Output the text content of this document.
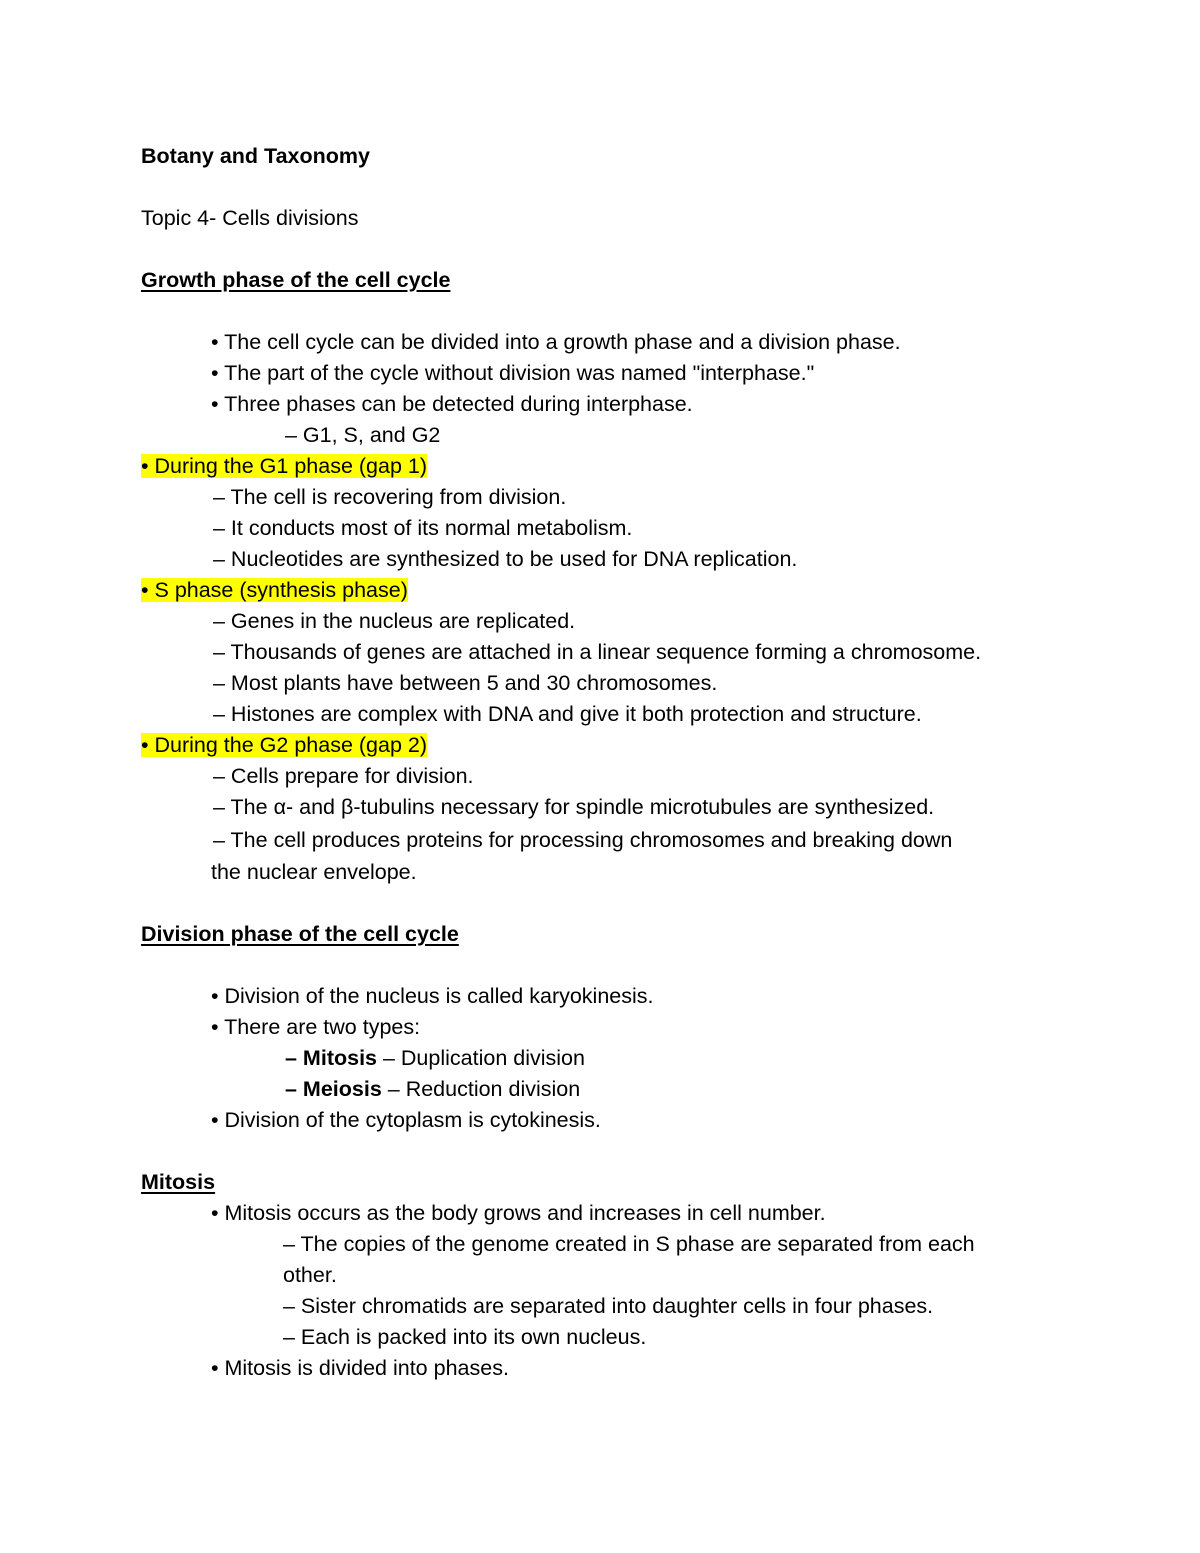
Botany and Taxonomy
Topic 4- Cells divisions
Growth phase of the cell cycle
• The cell cycle can be divided into a growth phase and a division phase.
• The part of the cycle without division was named "interphase."
• Three phases can be detected during interphase.
– G1, S, and G2
• During the G1 phase (gap 1)
– The cell is recovering from division.
– It conducts most of its normal metabolism.
– Nucleotides are synthesized to be used for DNA replication.
• S phase (synthesis phase)
– Genes in the nucleus are replicated.
– Thousands of genes are attached in a linear sequence forming a chromosome.
– Most plants have between 5 and 30 chromosomes.
– Histones are complex with DNA and give it both protection and structure.
• During the G2 phase (gap 2)
– Cells prepare for division.
– The α- and β-tubulins necessary for spindle microtubules are synthesized.
– The cell produces proteins for processing chromosomes and breaking down
the nuclear envelope.
Division phase of the cell cycle
• Division of the nucleus is called karyokinesis.
• There are two types:
– Mitosis – Duplication division
– Meiosis – Reduction division
• Division of the cytoplasm is cytokinesis.
Mitosis
• Mitosis occurs as the body grows and increases in cell number.
– The copies of the genome created in S phase are separated from each
other.
– Sister chromatids are separated into daughter cells in four phases.
– Each is packed into its own nucleus.
• Mitosis is divided into phases.
